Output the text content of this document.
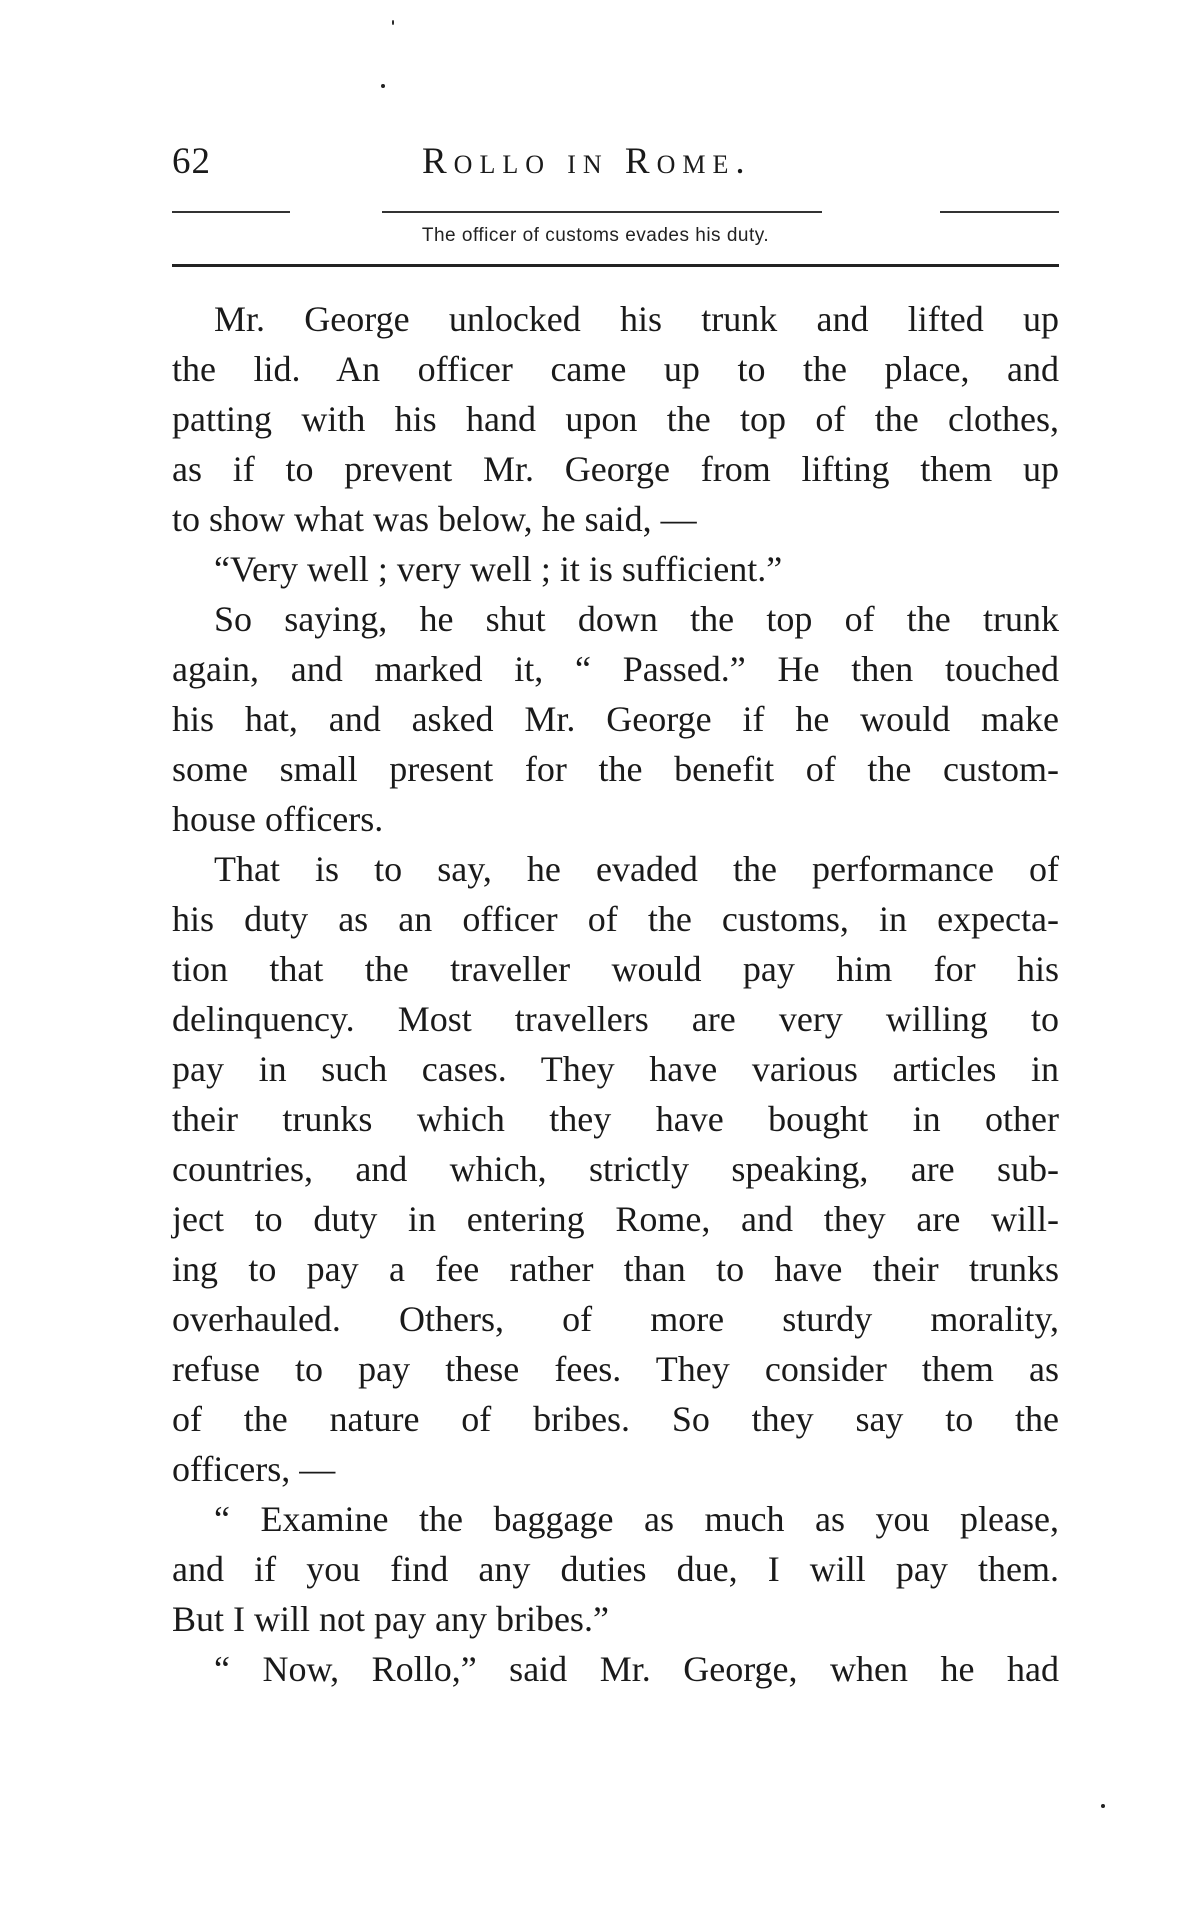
62	Rollo in Rome.
The officer of customs evades his duty.
Mr. George unlocked his trunk and lifted up
the lid. An officer came up to the place, and
patting with his hand upon the top of the clothes,
as if to prevent Mr. George from lifting them up
to show what was below, he said, —
“Very well ; very well ; it is sufficient.”
So saying, he shut down the top of the trunk
again, and marked it, “ Passed.” He then touched
his hat, and asked Mr. George if he would make
some small present for the benefit of the custom-
house officers.
That is to say, he evaded the performance of
his duty as an officer of the customs, in expecta-
tion that the traveller would pay him for his
delinquency. Most travellers are very willing to
pay in such cases. They have various articles in
their trunks which they have bought in other
countries, and which, strictly speaking, are sub-
ject to duty in entering Rome, and they are will-
ing to pay a fee rather than to have their trunks
overhauled. Others, of more sturdy morality,
refuse to pay these fees. They consider them as
of the nature of bribes. So they say to the
officers, —
“ Examine the baggage as much as you please,
and if you find any duties due, I will pay them.
But I will not pay any bribes.”
“ Now, Rollo,” said Mr. George, when he had
